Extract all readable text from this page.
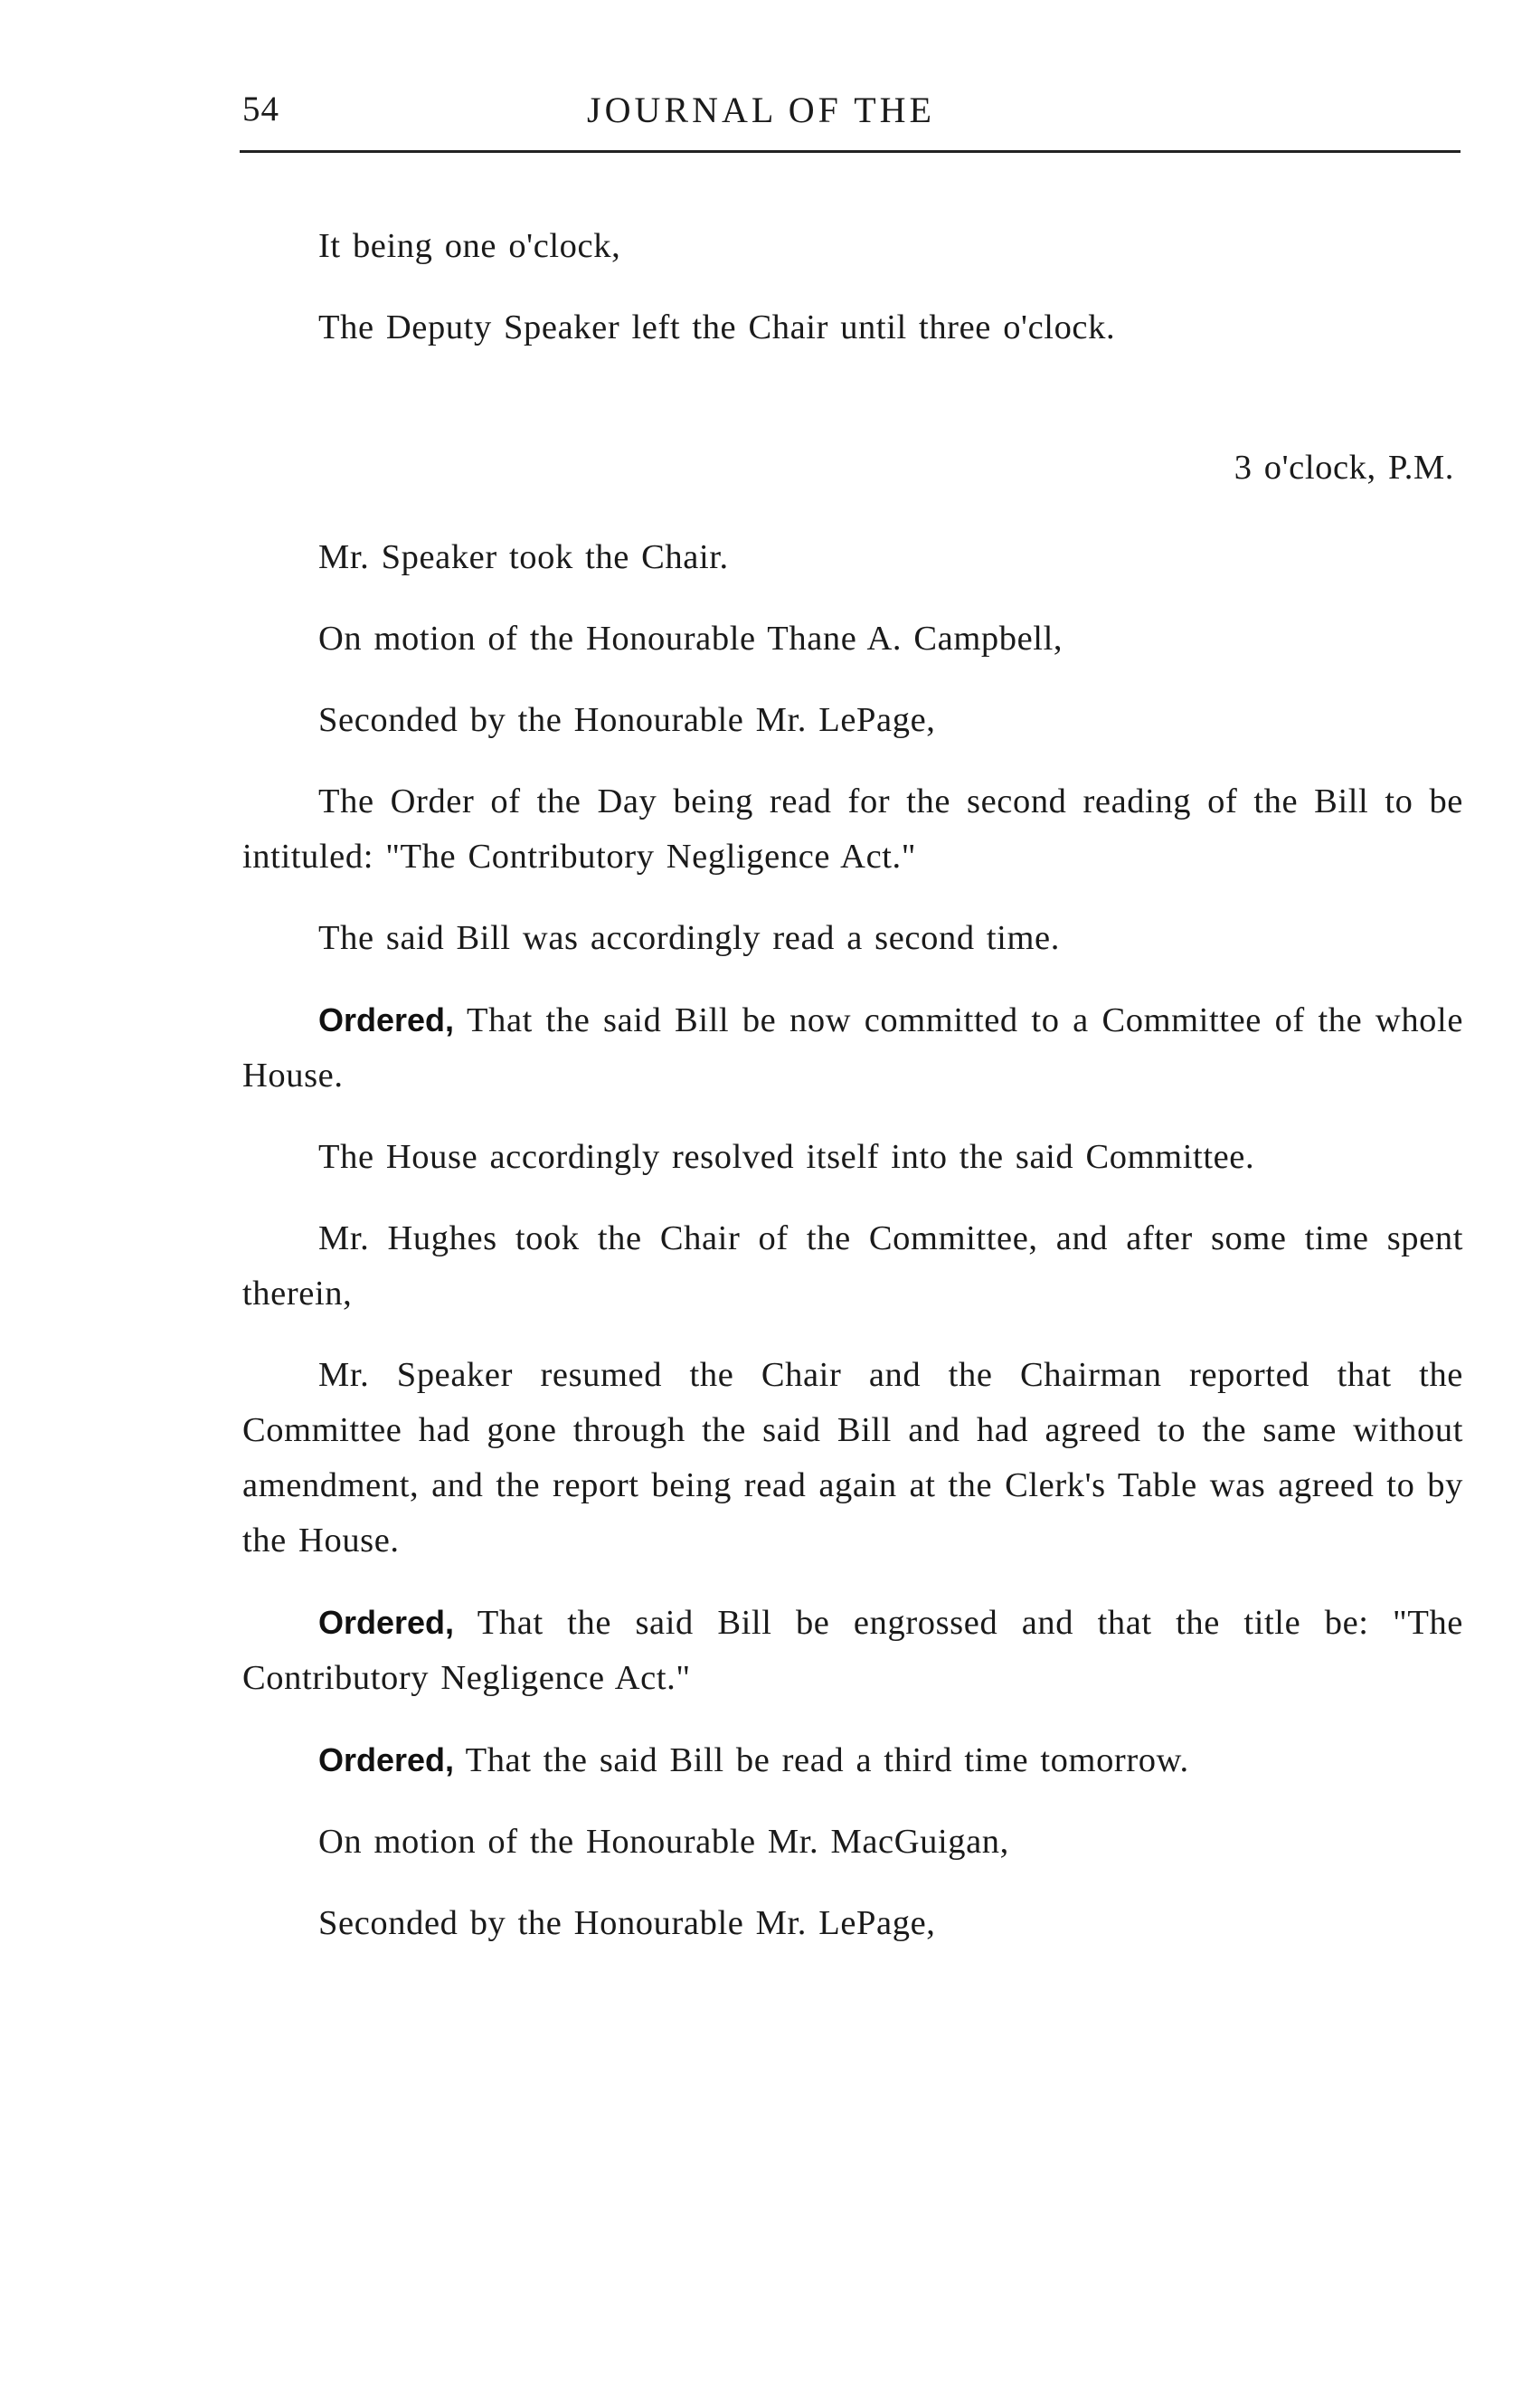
54	JOURNAL OF THE

It being one o'clock,

The Deputy Speaker left the Chair until three o'clock.

3 o'clock, P.M.

Mr. Speaker took the Chair.

On motion of the Honourable Thane A. Campbell,

Seconded by the Honourable Mr. LePage,

The Order of the Day being read for the second reading of the Bill to be intituled: "The Contributory Negligence Act."

The said Bill was accordingly read a second time.

Ordered, That the said Bill be now committed to a Committee of the whole House.

The House accordingly resolved itself into the said Committee.

Mr. Hughes took the Chair of the Committee, and after some time spent therein,

Mr. Speaker resumed the Chair and the Chairman reported that the Committee had gone through the said Bill and had agreed to the same without amendment, and the report being read again at the Clerk's Table was agreed to by the House.

Ordered, That the said Bill be engrossed and that the title be: "The Contributory Negligence Act."

Ordered, That the said Bill be read a third time tomorrow.

On motion of the Honourable Mr. MacGuigan,

Seconded by the Honourable Mr. LePage,
